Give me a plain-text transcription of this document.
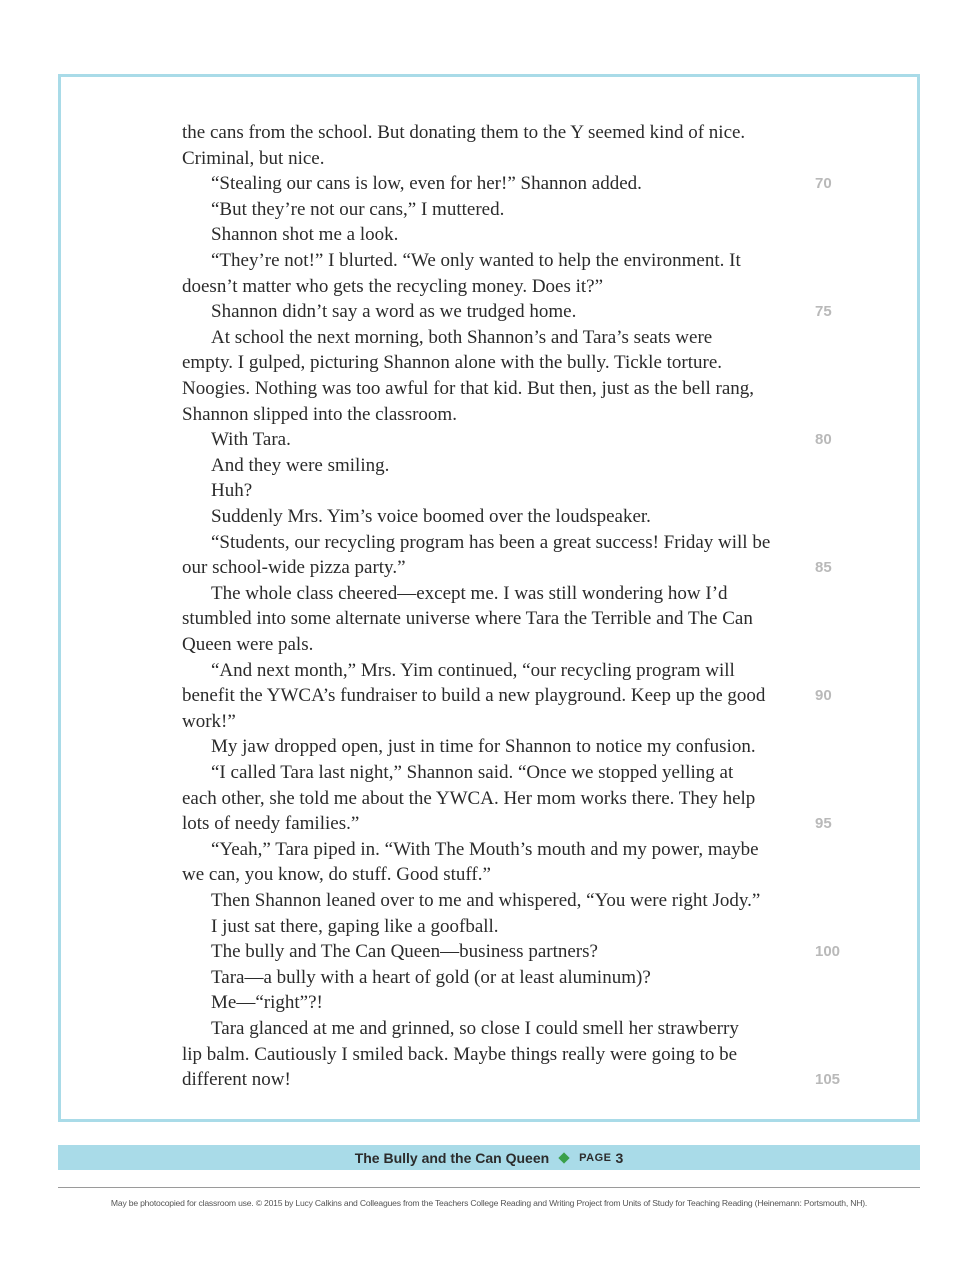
the cans from the school. But donating them to the Y seemed kind of nice.
Criminal, but nice.
“Stealing our cans is low, even for her!” Shannon added.
“But they’re not our cans,” I muttered.
Shannon shot me a look.
“They’re not!” I blurted. “We only wanted to help the environment. It
doesn’t matter who gets the recycling money. Does it?”
Shannon didn’t say a word as we trudged home.
At school the next morning, both Shannon’s and Tara’s seats were
empty. I gulped, picturing Shannon alone with the bully. Tickle torture.
Noogies. Nothing was too awful for that kid. But then, just as the bell rang,
Shannon slipped into the classroom.
With Tara.
And they were smiling.
Huh?
Suddenly Mrs. Yim’s voice boomed over the loudspeaker.
“Students, our recycling program has been a great success! Friday will be
our school-wide pizza party.”
The whole class cheered—except me. I was still wondering how I’d
stumbled into some alternate universe where Tara the Terrible and The Can
Queen were pals.
“And next month,” Mrs. Yim continued, “our recycling program will
benefit the YWCA’s fundraiser to build a new playground. Keep up the good
work!”
My jaw dropped open, just in time for Shannon to notice my confusion.
“I called Tara last night,” Shannon said. “Once we stopped yelling at
each other, she told me about the YWCA. Her mom works there. They help
lots of needy families.”
“Yeah,” Tara piped in. “With The Mouth’s mouth and my power, maybe
we can, you know, do stuff. Good stuff.”
Then Shannon leaned over to me and whispered, “You were right Jody.”
I just sat there, gaping like a goofball.
The bully and The Can Queen—business partners?
Tara—a bully with a heart of gold (or at least aluminum)?
Me—“right”?!
Tara glanced at me and grinned, so close I could smell her strawberry
lip balm. Cautiously I smiled back. Maybe things really were going to be
different now!
70
75
80
85
90
95
100
105
The Bully and the Can Queen	PAGE 3
May be photocopied for classroom use. © 2015 by Lucy Calkins and Colleagues from the Teachers College Reading and Writing Project from Units of Study for Teaching Reading (Heinemann: Portsmouth, NH).
